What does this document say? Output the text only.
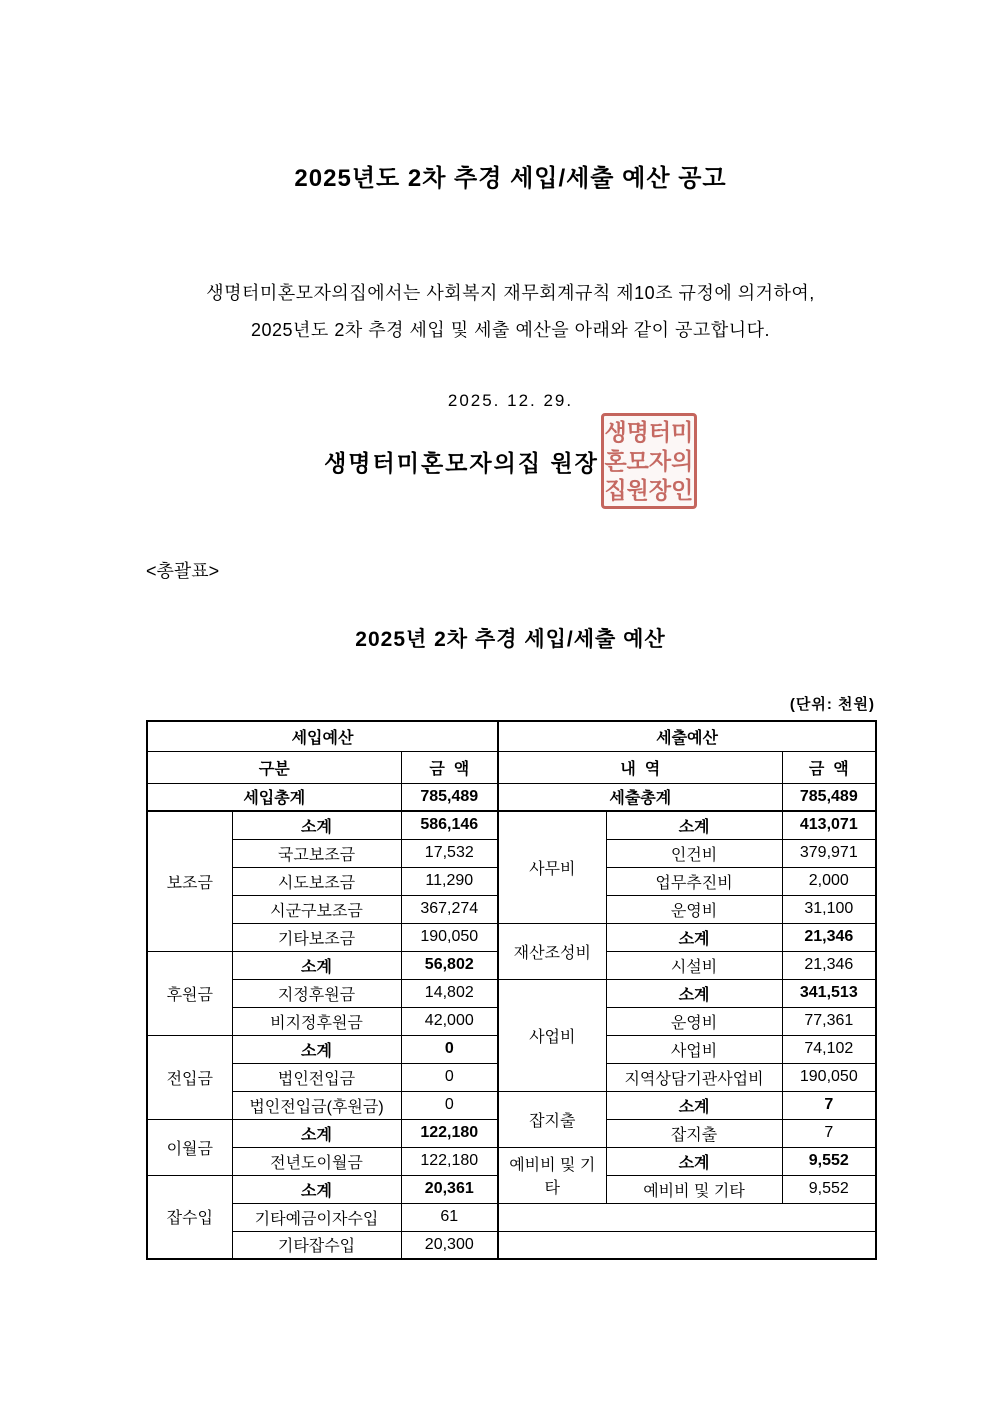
2025년도 2차 추경 세입/세출 예산 공고
생명터미혼모자의집에서는 사회복지 재무회계규칙 제10조 규정에 의거하여,
2025년도 2차 추경 세입 및 세출 예산을 아래와 같이 공고합니다.
2025. 12. 29.
생명터미혼모자의집 원장
생명터미
혼모자의
집원장인
<총괄표>
2025년 2차 추경 세입/세출 예산
(단위: 천원)
세입예산			세출예산		
구분		금  액	내  역		금  액
세입총계		785,489	세출총계		785,489
보조금	소계	586,146	사무비	소계	413,071
	국고보조금	17,532		인건비	379,971
	시도보조금	11,290		업무추진비	2,000
	시군구보조금	367,274		운영비	31,100
	기타보조금	190,050	재산조성비	소계	21,346
후원금	소계	56,802		시설비	21,346
	지정후원금	14,802	사업비	소계	341,513
	비지정후원금	42,000		운영비	77,361
전입금	소계	0		사업비	74,102
	법인전입금	0		지역상담기관사업비	190,050
	법인전입금(후원금)	0	잡지출	소계	7
이월금	소계	122,180		잡지출	7
	전년도이월금	122,180	예비비 및 기타	소계	9,552
잡수입	소계	20,361		예비비 및 기타	9,552
	기타예금이자수입	61			
	기타잡수입	20,300			
